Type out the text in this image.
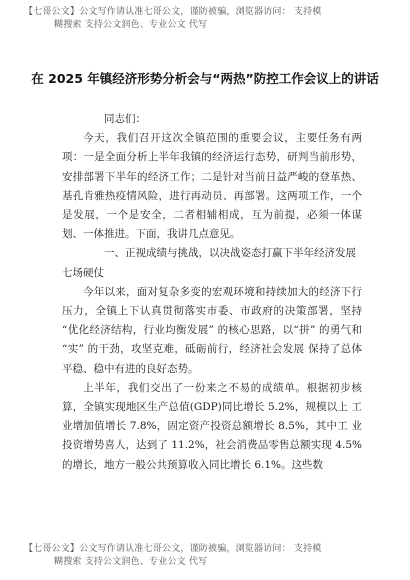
【七哥公文】公文写作请认准七哥公文，谨防被骗，浏览器访问： 支持模
糊搜索 支持公文润色、专业公文 代写
在 2025 年镇经济形势分析会与“两热”防控工作会议上的讲话

同志们：

今天，我们召开这次全镇范围的重要会议，主要任务有两项：一是全面分析上半年我镇的经济运行态势，研判当前形势，安排部署下半年的经济工作；二是针对当前日益严峻的登革热、基孔肯雅热疫情风险，进行再动员、再部署。这两项工作，一个是发展，一个是安全，二者相辅相成，互为前提，必须一体谋划、一体推进。下面，我讲几点意见。

一、正视成绩与挑战，以决战姿态打赢下半年经济发展 七场硬仗

今年以来，面对复杂多变的宏观环境和持续加大的经济下行压力，全镇上下认真贯彻落实市委、市政府的决策部署，坚持 “优化经济结构，行业均衡发展” 的核心思路，以“拼” 的勇气和 “实” 的干劲，攻坚克难，砥砺前行，经济社会发展 保持了总体平稳、稳中有进的良好态势。

上半年，我们交出了一份来之不易的成绩单。根据初步核算，全镇实现地区生产总值(GDP)同比增长 5.2%，规模以上 工业增加值增长 7.8%，固定资产投资总额增长 8.5%，其中工 业投资增势喜人，达到了 11.2%，社会消费品零售总额实现 4.5%的增长，地方一般公共预算收入同比增长 6.1%。这些数

【七哥公文】公文写作请认准七哥公文，谨防被骗，浏览器访问： 支持模
糊搜索 支持公文润色、专业公文 代写
